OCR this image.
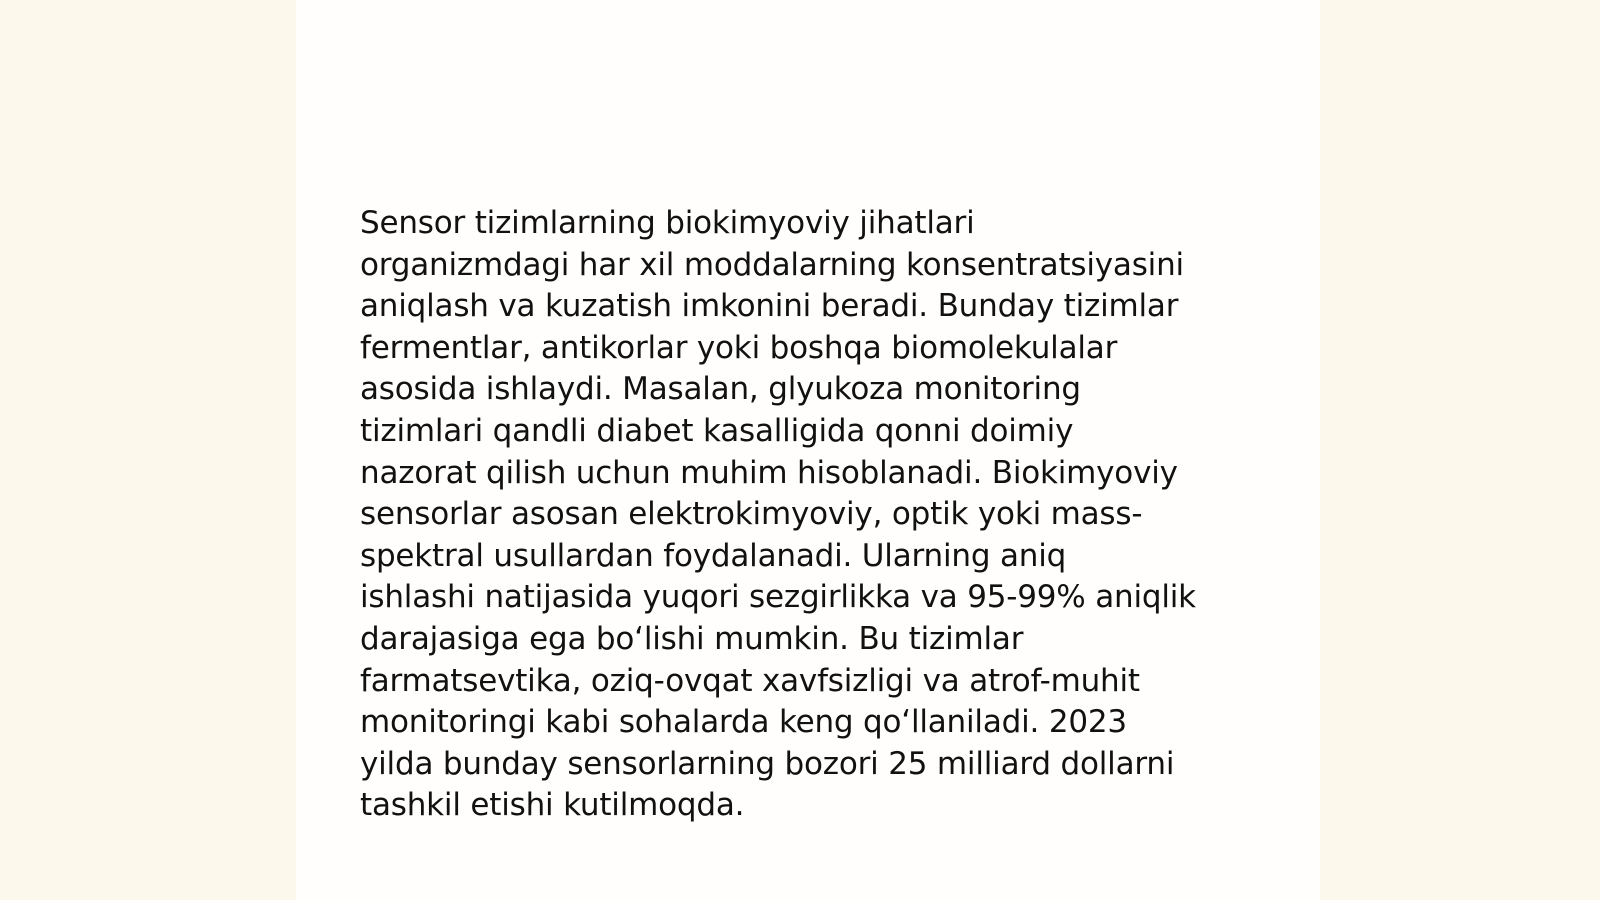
Sensor tizimlarning biokimyoviy jihatlari
organizmdagi har xil moddalarning konsentratsiyasini
aniqlash va kuzatish imkonini beradi. Bunday tizimlar
fermentlar, antikorlar yoki boshqa biomolekulalar
asosida ishlaydi. Masalan, glyukoza monitoring
tizimlari qandli diabet kasalligida qonni doimiy
nazorat qilish uchun muhim hisoblanadi. Biokimyoviy
sensorlar asosan elektrokimyoviy, optik yoki mass-
spektral usullardan foydalanadi. Ularning aniq
ishlashi natijasida yuqori sezgirlikka va 95-99% aniqlik
darajasiga ega bo‘lishi mumkin. Bu tizimlar
farmatsevtika, oziq-ovqat xavfsizligi va atrof-muhit
monitoringi kabi sohalarda keng qo‘llaniladi. 2023
yilda bunday sensorlarning bozori 25 milliard dollarni
tashkil etishi kutilmoqda.
